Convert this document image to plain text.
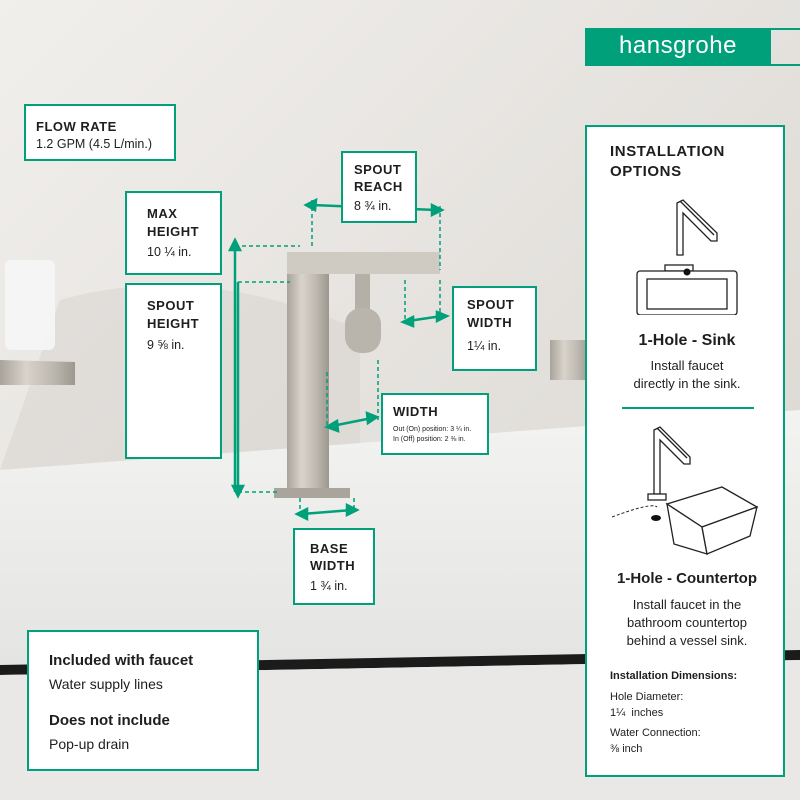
hansgrohe
FLOW RATE
1.2 GPM (4.5 L/min.)
SPOUT
REACH
8 ¾ in.
MAX
HEIGHT
10 ¼ in.
SPOUT
HEIGHT
9 ⅝ in.
SPOUT
WIDTH
1¼ in.
WIDTH
Out (On) position: 3 ¼ in.
In (Off) position: 2 ⅜ in.
BASE
WIDTH
1 ¾ in.
Included with faucet
Water supply lines
Does not include
Pop-up drain
INSTALLATION
OPTIONS
1-Hole - Sink
Install faucet
directly in the sink.
1-Hole - Countertop
Install faucet in the
bathroom countertop
behind a vessel sink.
Installation Dimensions:
Hole Diameter:
1¼  inches
Water Connection:
⅜ inch
